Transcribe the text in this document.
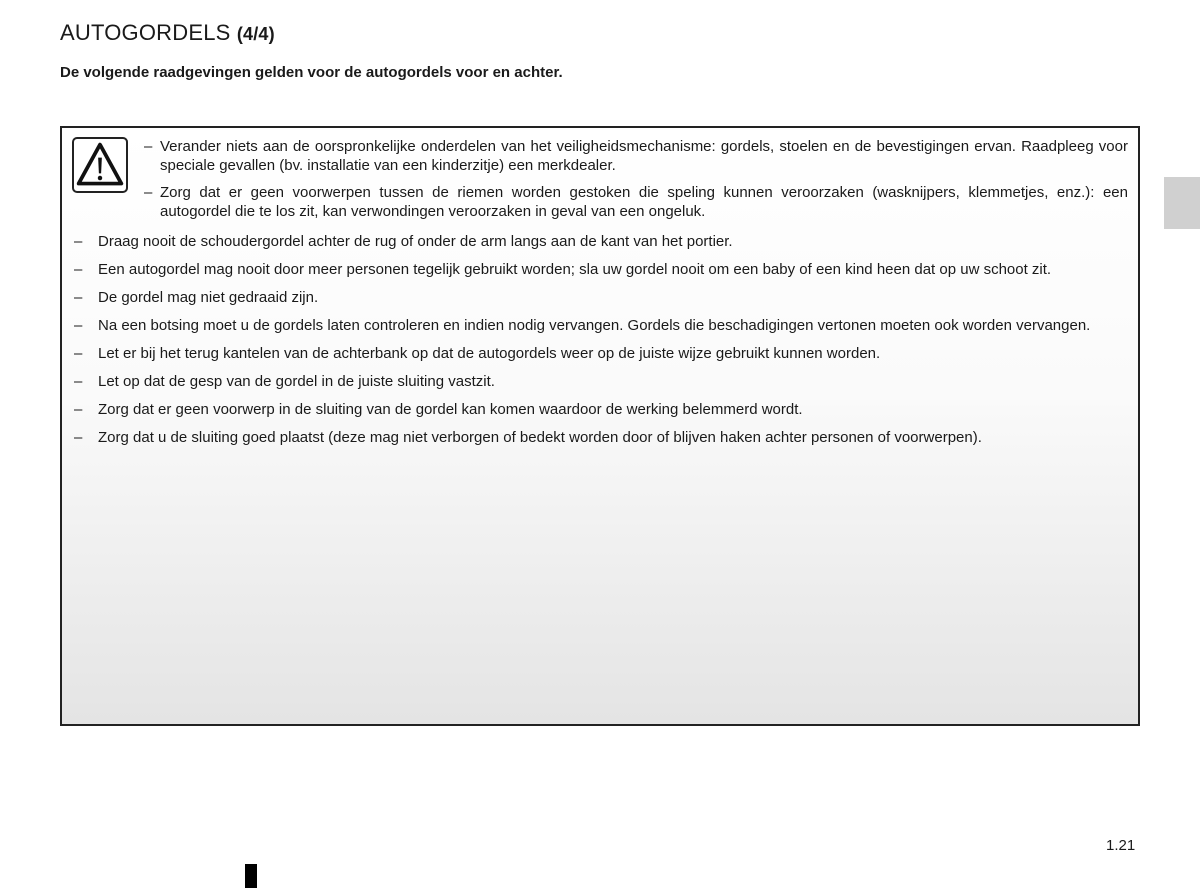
AUTOGORDELS (4/4)

De volgende raadgevingen gelden voor de autogordels voor en achter.

– Verander niets aan de oorspronkelijke onderdelen van het veiligheidsmechanisme: gordels, stoelen en de bevestigingen ervan. Raadpleeg voor speciale gevallen (bv. installatie van een kinderzitje) een merkdealer.
– Zorg dat er geen voorwerpen tussen de riemen worden gestoken die speling kunnen veroorzaken (wasknijpers, klemmetjes, enz.): een autogordel die te los zit, kan verwondingen veroorzaken in geval van een ongeluk.
– Draag nooit de schoudergordel achter de rug of onder de arm langs aan de kant van het portier.
– Een autogordel mag nooit door meer personen tegelijk gebruikt worden; sla uw gordel nooit om een baby of een kind heen dat op uw schoot zit.
– De gordel mag niet gedraaid zijn.
– Na een botsing moet u de gordels laten controleren en indien nodig vervangen. Gordels die beschadigingen vertonen moeten ook worden vervangen.
– Let er bij het terug kantelen van de achterbank op dat de autogordels weer op de juiste wijze gebruikt kunnen worden.
– Let op dat de gesp van de gordel in de juiste sluiting vastzit.
– Zorg dat er geen voorwerp in de sluiting van de gordel kan komen waardoor de werking belemmerd wordt.
– Zorg dat u de sluiting goed plaatst (deze mag niet verborgen of bedekt worden door of blijven haken achter personen of voorwerpen).

1.21
